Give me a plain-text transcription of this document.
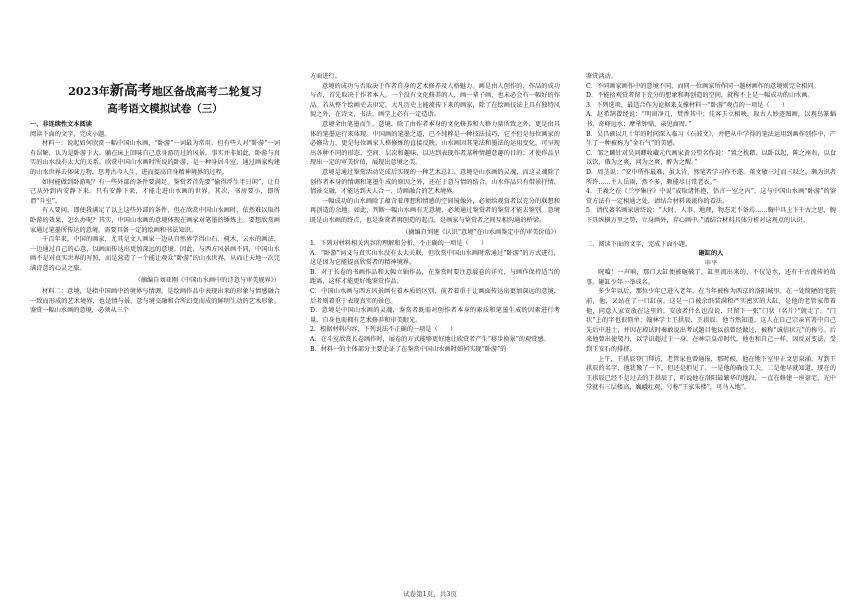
2023年新高考地区备战高考二轮复习
高考语文模拟试卷（三）

一、非连续性文本阅读

阅读下面的文字，完成小题。

材料一：说起如何欣赏一幅中国山水画，“卧游”一词最为常用。但有些人对“卧游”一词有误解，认为是卧游于大。躺在床上回味自己意身游历过的风景。事实并非如此，卧游与真实的山水没有太大的关系。欣赏中国山水画时所说的卧游，是一种身居斗室，通过画家构建的山水世界去体味万物、思考古今人生，进而提高自身精神境界的过程。

如何能做到卧游呢？有一些外部的条件要满足。鉴赏者首先要“偷得浮生半日闲”，让自己从外到内安静下来。只有安静下来，才能走进山水画的世界。其次，书房要小，即所谓“斗室”。

有人要问，即使我满足了以上这些外部的条件，但在欣赏中国山水画时，依然难以取得卧游的效果，怎么办呢？其实，中国山水画的意境体现在画家对笔墨的锤炼上。要想欣赏画家通过笔墨所传达的意境，需要具备一定的绘画和书法知识。

千百年来，中国的画家，尤其是文人画家一边从自然界学得山石、树木、云水的画法，一边通过自己的心意，以画面传达出更加深远的意境。因此，与西方风景画不同，中国山水画不是对真实世界的写照，而是营造了一个能让观众“卧游”的山水世界，从而让天地一次完满诗意的心灵之旅。

（摘编自刘亚刚《中国山水画中的诗意与审美规界》）

材料二：意境，是指中国画中的境界与情调，是绘画作品中表现出来的形象与情感融合一致而形成的艺术境界，也是情与景、意与境交融和合所幻变而成的鲜明生动的艺术形象。鉴赏一幅山水画的意境，必须从三个

方面进行。

意境的成功与否取决于作者自身的艺术修养及人格魅力。画是由人创作的，作品的成功与否，首先取决于作者本人。一个没有文化修养的人，画一辈子画，也未必会有一幅好的作品。若从整个绘画史去审定，大凡历史上能流传下来的画家，除了在绘画技法上具有独特风貌之外，在诗文、书法、画学上必有一定造诣。

意境全由笔墨而生。意境，除了由作者本身的文化修养和人格力量所致之外，更是由具体的笔墨运行来体现。中国画的笔墨之道，已不纯粹是一种技法技巧，它不但是每位画家的必修功力，更是每位画家人格修炼的直接反映。山水画因其笔法和墨法的运用变化，可呈现出各种不同的形态、空间、层次和趣味，以达到表现作者某种情趣意趣的目的；才使作品呈现出一定的审美价值，展现出意境之美。

意境是通过鉴赏活动完成后实现的一种艺术总汇。意境是山水画的灵魂，而这灵魂除了创作者本身的情调和笔墨生成的原因之外，还在于意与情的结合。山水作品只有借景抒情、情景交融，才能达到天人合一、诗画融合的艺术境界。

一幅成功的山水画除了蕴含着理想和情感的空间镜像外，必须给观赏者以充分的联想和再创造的余地。如此，判断一幅山水画有无意境，必须通过鉴赏者的鉴赏才能去鉴别。意境既是山水画的终点，也是鉴赏者再创造的起点，是画家与鉴赏者之间互相沟通的桥梁。

（摘编自刘建《认识“意境”在山水画鉴定中的审美价值》）

1．下列对材料相关内容的理解和分析，不正确的一项是（　　）

A．“卧游”词义与真实山水没有太大关联，但欣赏中国山水画时常通过“卧游”的方式进行，这是因为它能提高欣赏者的精神境界。

B．对于长卷的书画作品和大幅立轴作品，在鉴赏时要注意展卷的详究，与画作保持适当的距离，这样才能更好地鉴赏作品。

C．中国山水画与西方风景画有着本质的区别，前者着重于让画面传达出更加深远的意境，后者则着重于表现真实的景色。

D．意境是中国山水画的灵魂，鉴赏者既需对创作者本身的素质和笔墨生成的因素进行考量，自身也需拥有艺术修养和审美眼光。

2．根据材料内容，下列说法不正确的一项是（　　）

A．在斗室欣赏长卷画作时，展卷的方式能够更好地让欣赏者产生“移步换景”的观赏感。

B．材料一的主体部分主要论证了在鉴赏中国山水画时如何实现“卧游”的

鉴赏活动。

C．不同画家画作中的意境不同，而同一位画家所作同一题材画作的意境则完全相同。

D．不能拾观赏者留下充分的想象和再创造的空间，就称不上是一幅成功的山水画。

3．下列选项，最适合作为论据来支撑材料一“卧游”观点的一项是（　　）

A．赵希鹄曾经说：“明窗净几，焚香其中；佳客玉立相映，取古人妙迹图画，以观鸟篆蜗书，奇峰远水；摩挲钟鼎，亲见商周。”

B．吴昌硕以几十年的时间深入临习《石鼓文》，并把从中学得的笔法运用到画作创作中，产生了一种被称为“金石气”的美感。

C．邹之麟针对吴问卿收藏元代画家黄公望名作说：“置之枕藉，以卧以起，陈之座右，以食以饮，俄为之爽，问为之爽，醉为之醒。”

D．周茎说：“安中所作最难，虽太肯，然笔者学习作不遂，董文敏三过而三叹之，颇为识者所许……主人岳雨，然不多，颇能尽日常老衣。”

4．王羲之在《兰亭集序》中说“或取诸怀抱，悟言一室之内”，这与中国山水画“卧游”的鉴赏方法有一定相通之处，请结合材料谈谈你的看法。

5．清代著名画家唐岱说：“大时、人事、地理，物态无不备焉……胸中具上下千古之思，腕下具纵横万里之势，立身画外，存心画中。”请结合材料具体分析对这观点的认识。

二、阅读下面的文字，完成下面小题。

砸缸的人

申平

咣噹！一声响，那口大缸便被砸破了，缸里流出来的，不仅是水，还有千古流传的故事。砸缸少年一举成名。

多少年以后，那位少年已进入老年，在当年被称为西京的洛阳城里，在一处简陋的宅院前，他，又站在了一口缸前。这是一口被余纸装满和严实密实的大缸，是他的老管家带着他，同意人家安放在这里的。安放者什么也没说，只留下一张“门状（名片）”就走了。“门状”上的字也很简单：翰林学士王拱辰、王拱辰，他当然知道。这人在自己宗亲官署中自己先后中进士、并因在殿试时奏敢说出考试题目他以前曾经做过，被称“诚信状元”的称号。后来他曾出使契丹，以学识超过于一身。在神宗皇帝时代，他也和自己一样，因反对变法，受到王安石的排挤。

上午，王拱辰登门拜访，老管家也曾通报，那时候，他在地下室里正文思泉涌，写到王拱辰的名字，他犹豫了一下，但还是拒见了。一是他的确没工夫，二是他早就知道，现在的王拱辰已经不是过去的王拱辰了，听说他在洛阳最繁华的地段，一直在修建一座豪宅，光中堂就有三层楼高，巍峨壮观，号称“王家朱楼”，可马入地”。

试卷第1页，共3页
